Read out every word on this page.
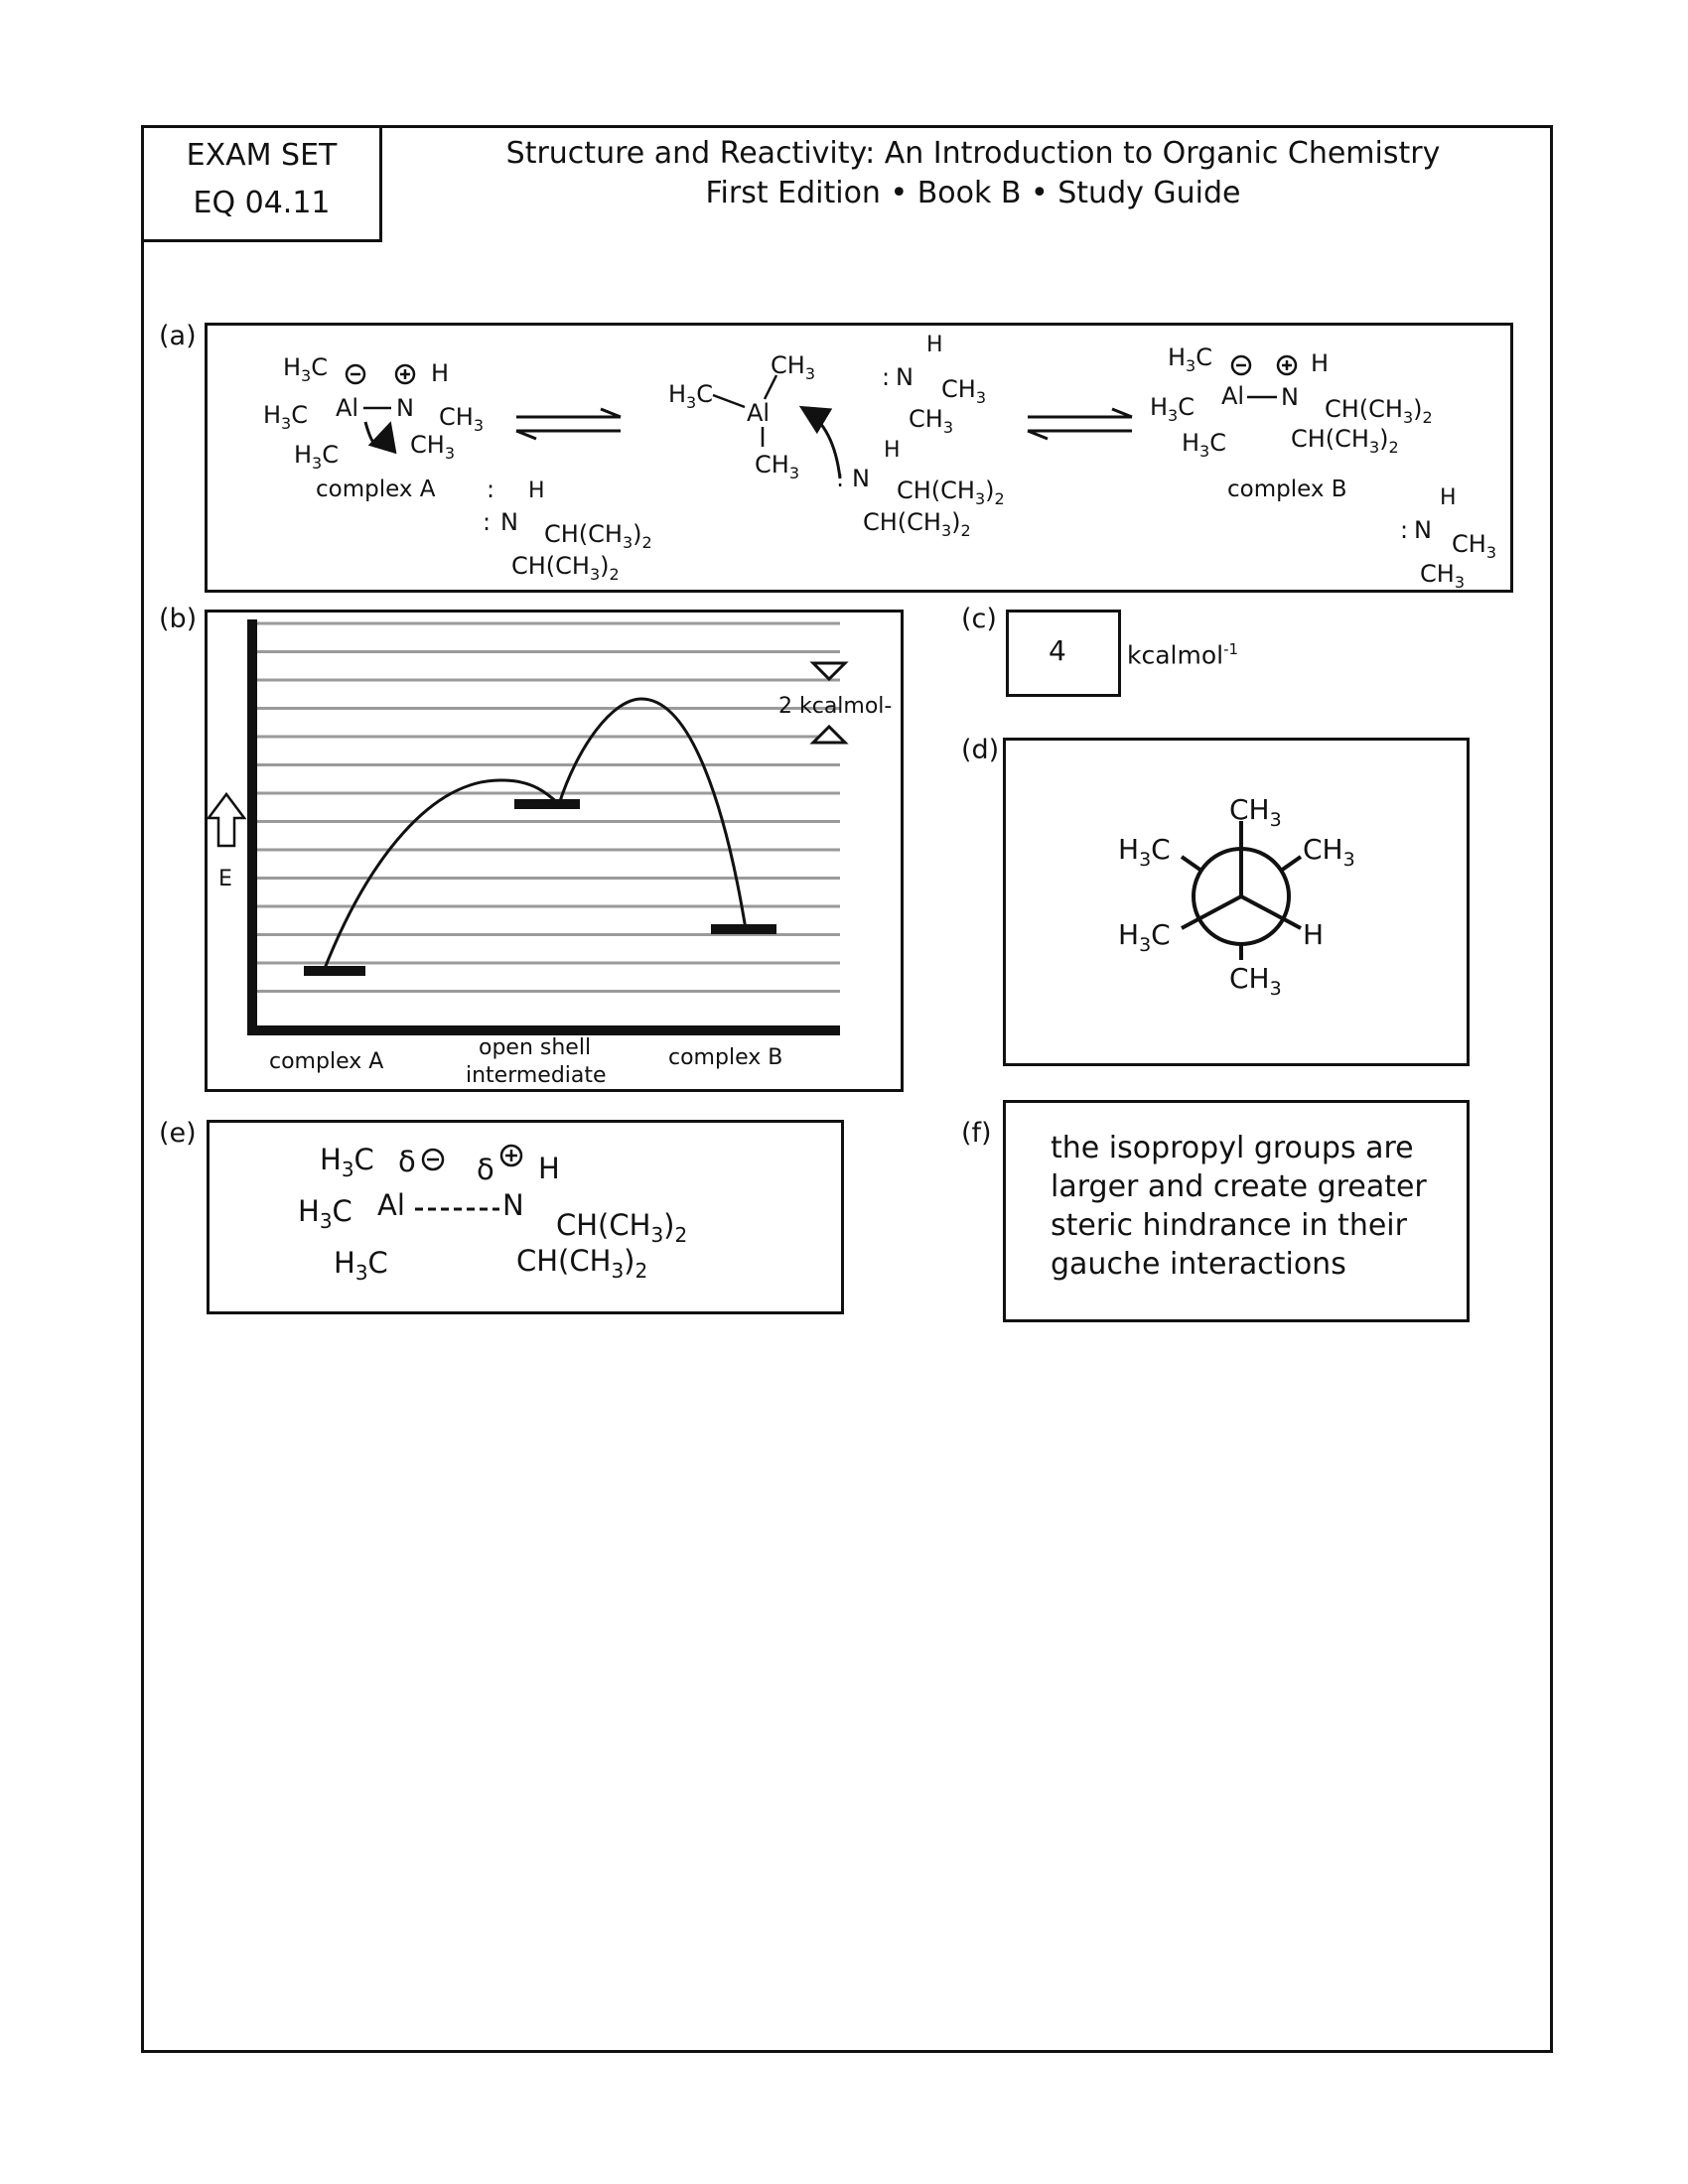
EXAM SET
EQ 04.11
Structure and Reactivity: An Introduction to Organic Chemistry
First Edition • Book B • Study Guide
(a)
(b)	(c)
(d)
(e)	(f)
$H_3C$	H
$H_3C$ Al N $CH_3$
$CH_3$
$H_3C$
complex A :
N
H
: $CH(CH_3)_2$
$CH(CH_3)_2$
$CH_3$
$H_3C$
Al
$CH_3$ : N
H
$CH(CH_3)_2$
$CH(CH_3)_2$
H
: N $CH_3$
$CH_3$
$H_3C$	H
$H_3C$ Al N $CH(CH_3)_2$
$CH(CH_3)_2$
$H_3C$
complex B	H
: N $CH_3$
$CH_3$
E
2 kcalmol-
complex A
open shell
intermediate
complex B
4 kcalmol$^{-1}$
$CH_3$
$H_3C$	$CH_3$
$H_3C$	H
$CH_3$
$H_3C$ δ δ H
$H_3C$ Al	N
$CH(CH_3)_2$
$CH(CH_3)_2$
$H_3C$
the isopropyl groups are
larger and create greater
steric hindrance in their
gauche interactions
